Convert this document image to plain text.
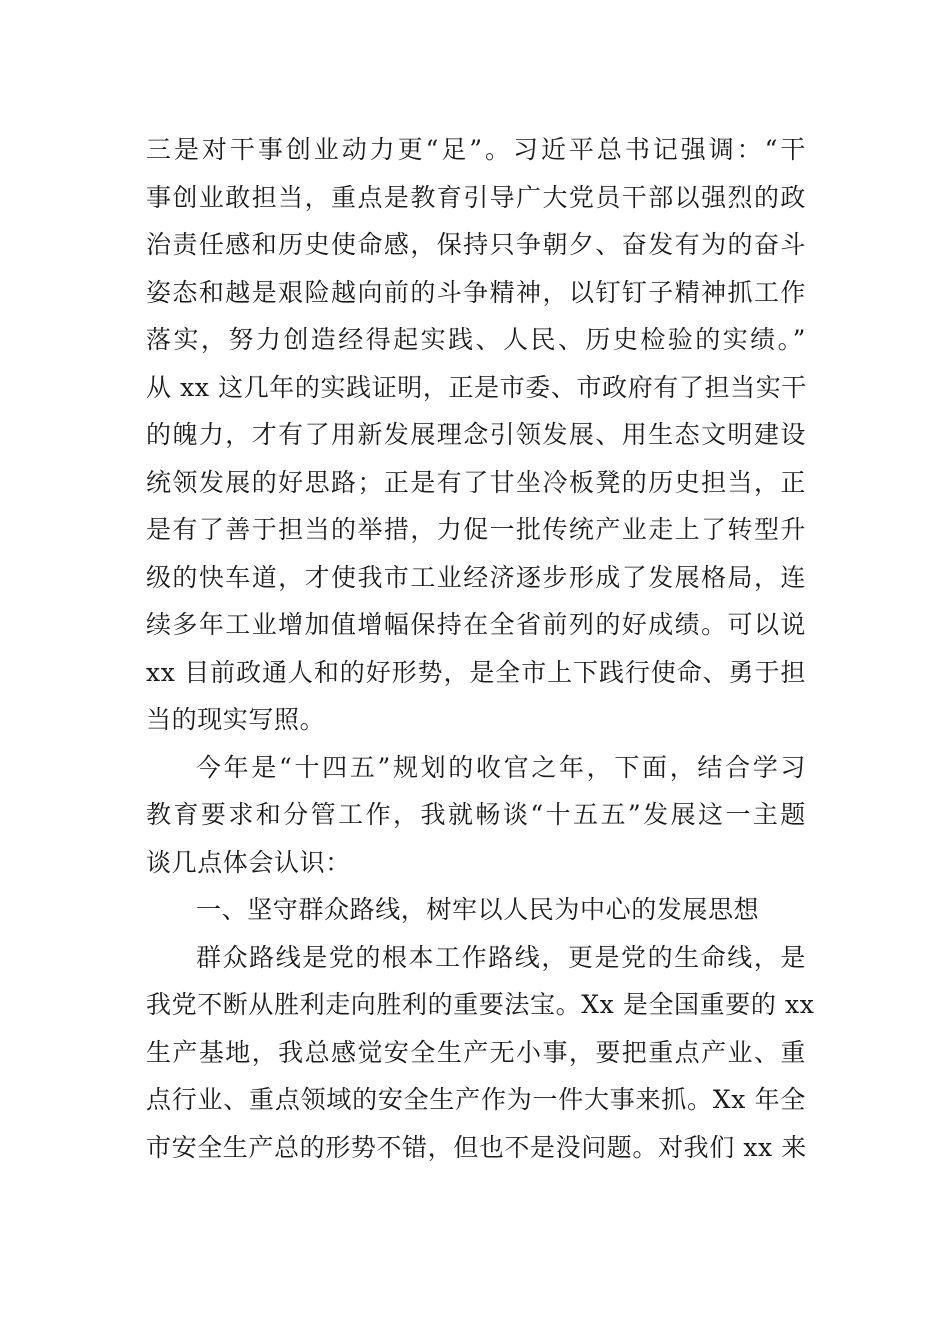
三是对干事创业动力更“足”。习近平总书记强调：“干
事创业敢担当，重点是教育引导广大党员干部以强烈的政
治责任感和历史使命感，保持只争朝夕、奋发有为的奋斗
姿态和越是艰险越向前的斗争精神，以钉钉子精神抓工作
落实，努力创造经得起实践、人民、历史检验的实绩。”
从 xx 这几年的实践证明，正是市委、市政府有了担当实干
的魄力，才有了用新发展理念引领发展、用生态文明建设
统领发展的好思路；正是有了甘坐冷板凳的历史担当，正
是有了善于担当的举措，力促一批传统产业走上了转型升
级的快车道，才使我市工业经济逐步形成了发展格局，连
续多年工业增加值增幅保持在全省前列的好成绩。可以说
xx 目前政通人和的好形势，是全市上下践行使命、勇于担
当的现实写照。
今年是“十四五”规划的收官之年，下面，结合学习
教育要求和分管工作，我就畅谈“十五五”发展这一主题
谈几点体会认识：
一、坚守群众路线，树牢以人民为中心的发展思想
群众路线是党的根本工作路线，更是党的生命线，是
我党不断从胜利走向胜利的重要法宝。Xx 是全国重要的 xx
生产基地，我总感觉安全生产无小事，要把重点产业、重
点行业、重点领域的安全生产作为一件大事来抓。Xx 年全
市安全生产总的形势不错，但也不是没问题。对我们 xx 来
